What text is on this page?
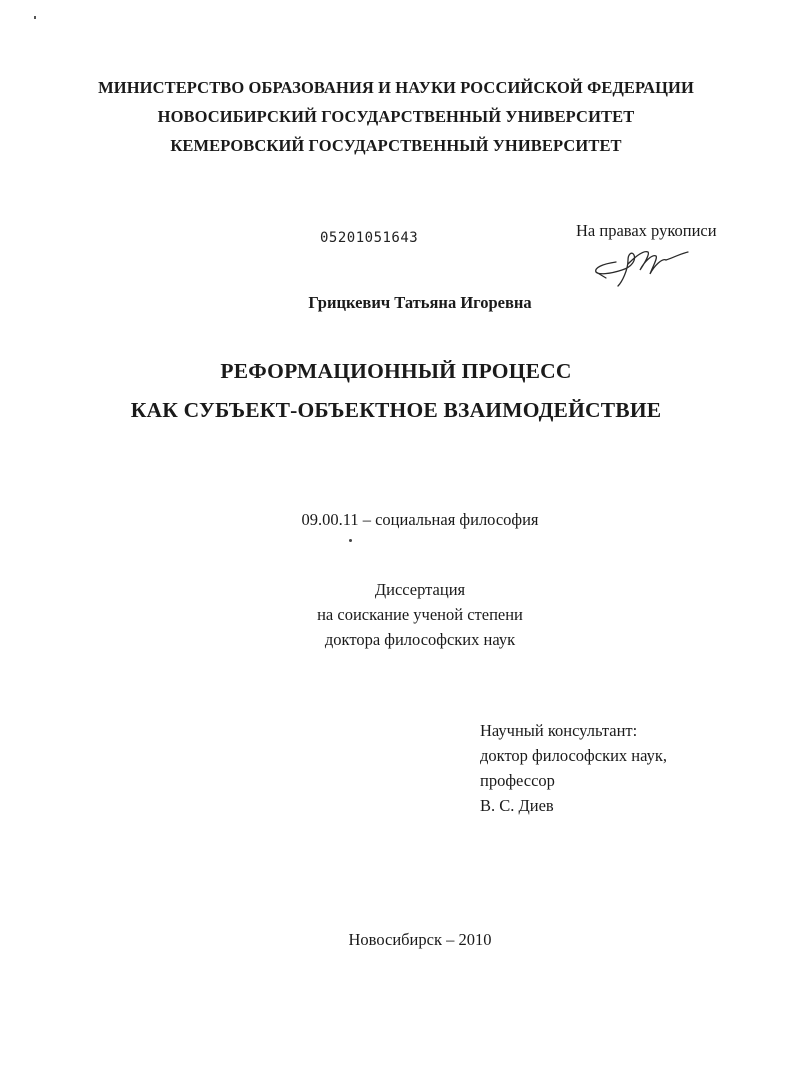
МИНИСТЕРСТВО ОБРАЗОВАНИЯ И НАУКИ РОССИЙСКОЙ ФЕДЕРАЦИИ
НОВОСИБИРСКИЙ ГОСУДАРСТВЕННЫЙ УНИВЕРСИТЕТ
КЕМЕРОВСКИЙ ГОСУДАРСТВЕННЫЙ УНИВЕРСИТЕТ
05201051643	На правах рукописи
Грицкевич Татьяна Игоревна
РЕФОРМАЦИОННЫЙ ПРОЦЕСС
КАК СУБЪЕКТ-ОБЪЕКТНОЕ ВЗАИМОДЕЙСТВИЕ
09.00.11 – социальная философия
Диссертация
на соискание ученой степени
доктора философских наук
Научный консультант:
доктор философских наук,
профессор
В. С. Диев
Новосибирск – 2010
